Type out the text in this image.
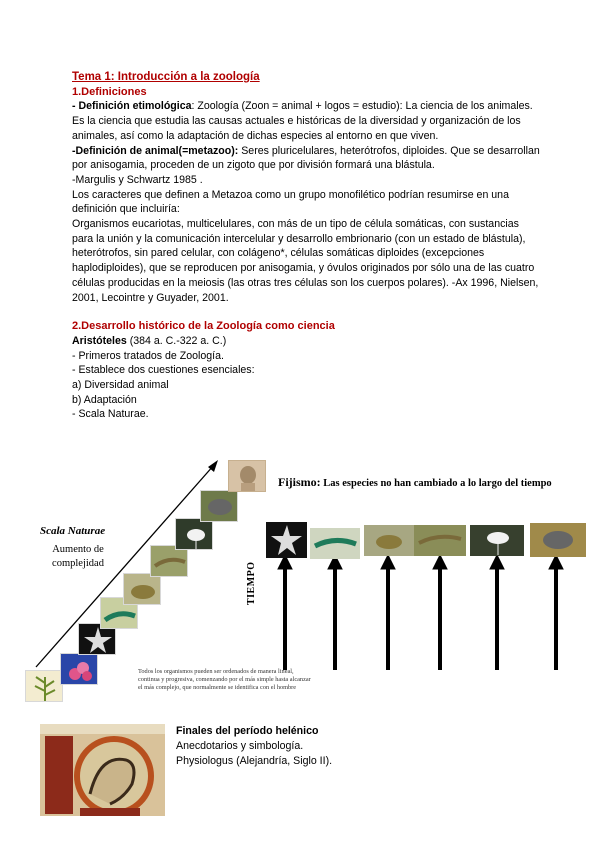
Tema 1: Introducción a la zoología
1.Definiciones

- Definición etimológica: Zoología (Zoon = animal + logos = estudio): La ciencia de los animales.

Es la ciencia que estudia las causas actuales e históricas de la diversidad y organización de los animales, así como la adaptación de dichas especies al entorno en que viven.

-Definición de animal(=metazoo): Seres pluricelulares, heterótrofos, diploides. Que se desarrollan por anisogamia, proceden de un zigoto que por división formará una blástula.

-Margulis y Schwartz 1985 .

Los caracteres que definen a Metazoa como un grupo monofilético podrían resumirse en una definición que incluiría:

Organismos eucariotas, multicelulares, con más de un tipo de célula somáticas, con sustancias para la unión y la comunicación intercelular y desarrollo embrionario (con un estado de blástula), heterótrofos, sin pared celular, con colágeno*, células somáticas diploides (excepciones haplodiploides), que se reproducen por anisogamia, y óvulos originados por sólo una de las cuatro células producidas en la meiosis (las otras tres células son los cuerpos polares). -Ax 1996, Nielsen, 2001, Lecointre y Guyader, 2001.

2.Desarrollo histórico de la Zoología como ciencia

Aristóteles (384 a. C.-322 a. C.)

- Primeros tratados de Zoología.

- Establece dos cuestiones esenciales:

a) Diversidad animal

b) Adaptación

- Scala Naturae.

Scala Naturae
Aumento de complejidad
Fijismo: Las especies no han cambiado a lo largo del tiempo
TIEMPO
Todos los organismos pueden ser ordenados de manera lineal, continua y progresiva, comenzando por el más simple hasta alcanzar el más complejo, que normalmente se identifica con el hombre
Finales del período helénico
Anecdotarios y simbología.
Physiologus (Alejandría, Siglo II).
